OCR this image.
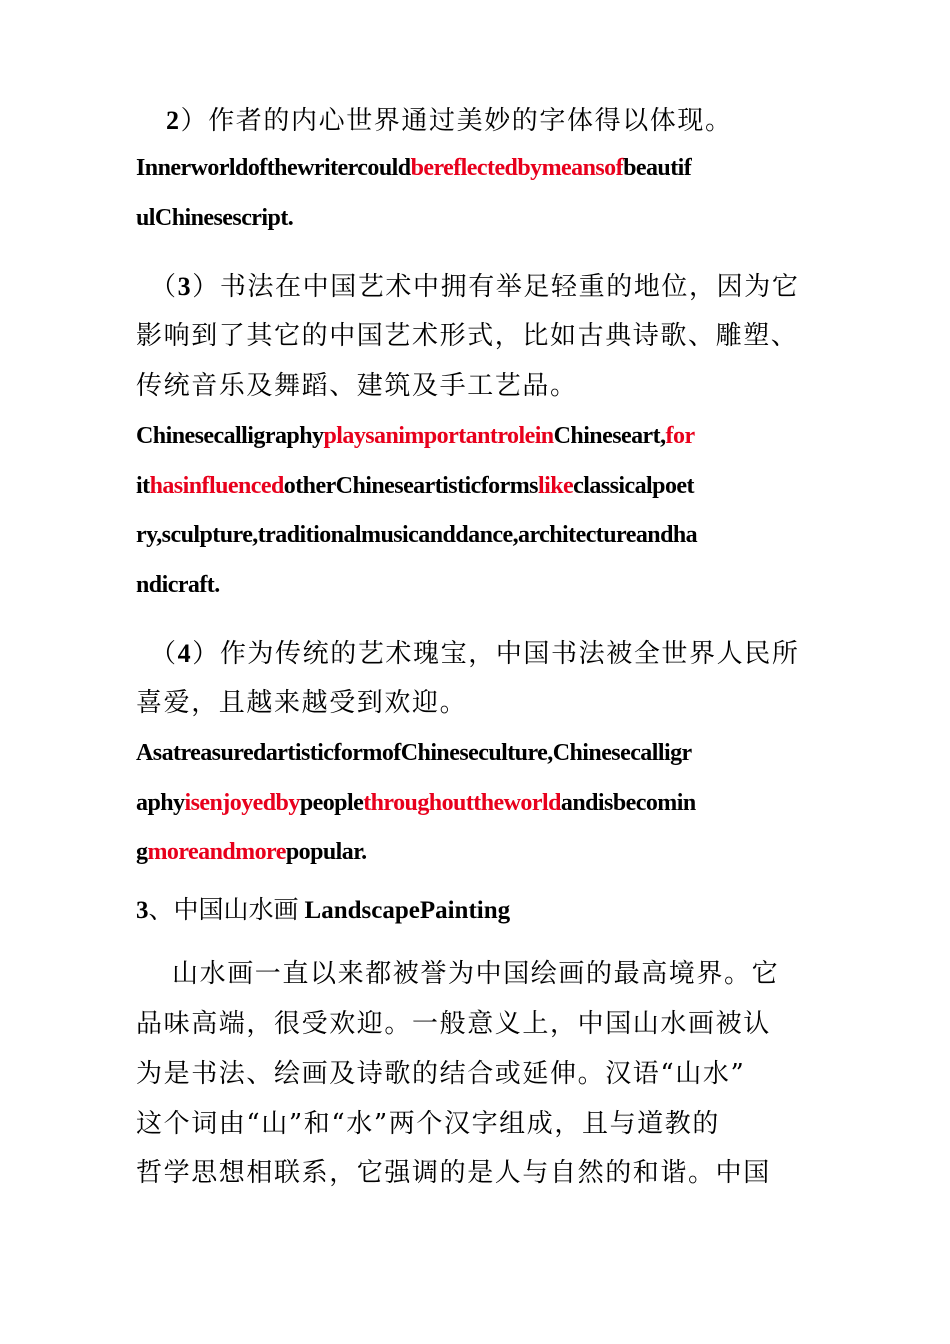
2）作者的内心世界通过美妙的字体得以体现。
Innerworldofthewritercouldbereflectedbymeansofbeautif
ulChinesescript.
（3）书法在中国艺术中拥有举足轻重的地位，因为它
影响到了其它的中国艺术形式，比如古典诗歌、雕塑、
传统音乐及舞蹈、建筑及手工艺品。
ChinesecalligraphyplaysanimportantroleinChineseart,for
ithasinfluencedotherChineseartisticformslikeclassicalpoet
ry,sculpture,traditionalmusicanddance,architectureandha
ndicraft.
（4）作为传统的艺术瑰宝，中国书法被全世界人民所
喜爱，且越来越受到欢迎。
AsatreasuredartisticformofChineseculture,Chinesecalligr
aphyisenjoyedbypeoplethroughouttheworldandisbecomin
gmoreandmorepopular.
3、中国山水画 LandscapePainting
山水画一直以来都被誉为中国绘画的最高境界。它
品味高端，很受欢迎。一般意义上，中国山水画被认
为是书法、绘画及诗歌的结合或延伸。汉语“山水”
这个词由“山”和“水”两个汉字组成，且与道教的
哲学思想相联系，它强调的是人与自然的和谐。中国
